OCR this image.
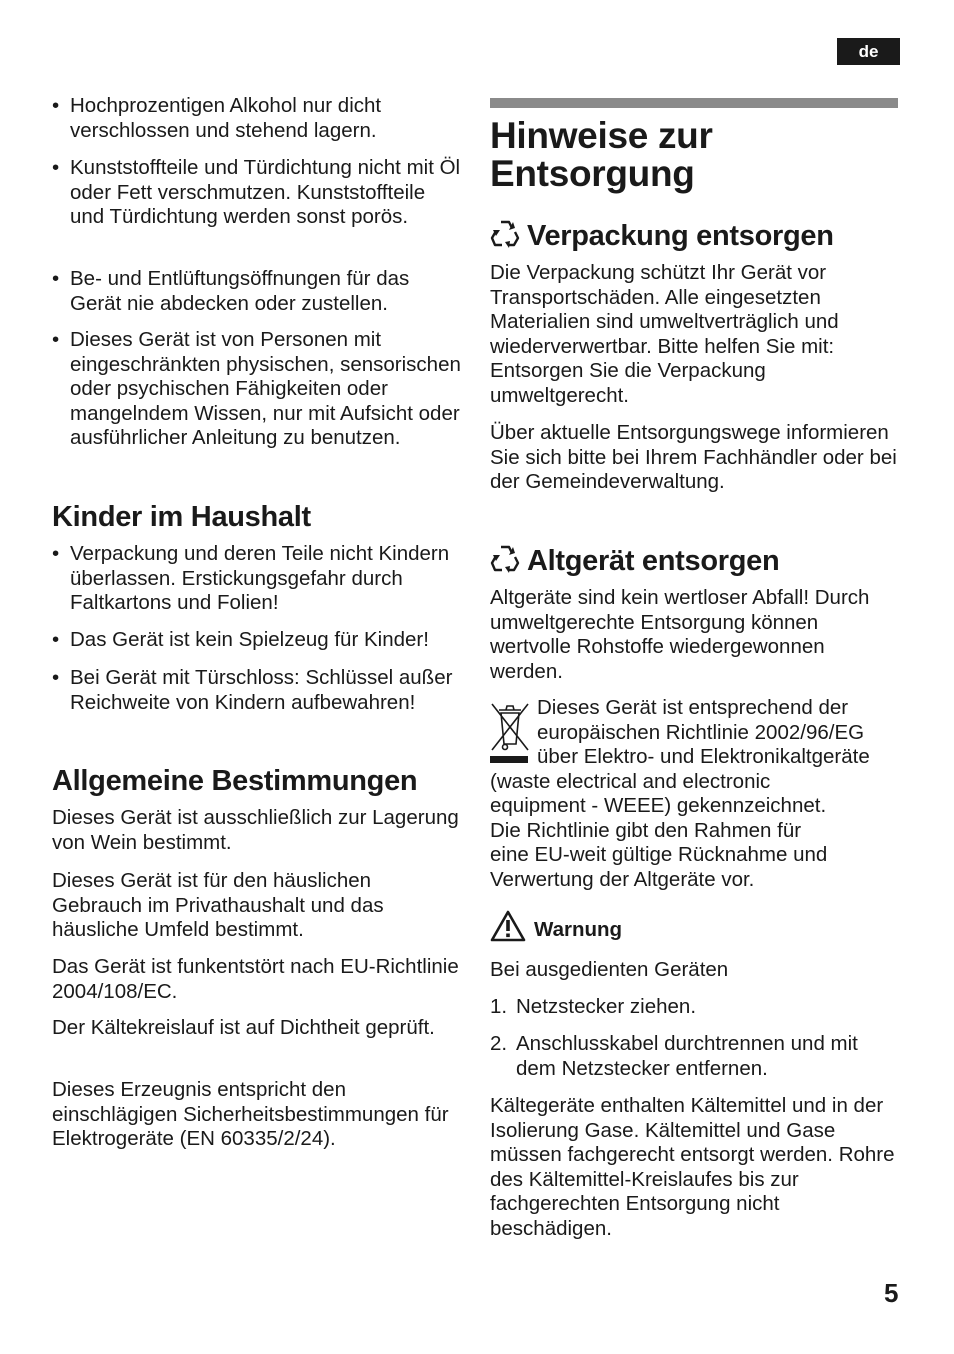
de
• Hochprozentigen Alkohol nur dicht verschlossen und stehend lagern.
• Kunststoffteile und Türdichtung nicht mit Öl oder Fett verschmutzen. Kunststoffteile und Türdichtung werden sonst porös.
• Be- und Entlüftungsöffnungen für das Gerät nie abdecken oder zustellen.
• Dieses Gerät ist von Personen mit eingeschränkten physischen, sensorischen oder psychischen Fähigkeiten oder mangelndem Wissen, nur mit Aufsicht oder ausführlicher Anleitung zu benutzen.
Kinder im Haushalt
• Verpackung und deren Teile nicht Kindern überlassen. Erstickungsgefahr durch Faltkartons und Folien!
• Das Gerät ist kein Spielzeug für Kinder!
• Bei Gerät mit Türschloss: Schlüssel außer Reichweite von Kindern aufbewahren!
Allgemeine Bestimmungen
Dieses Gerät ist ausschließlich zur Lagerung von Wein bestimmt.
Dieses Gerät ist für den häuslichen Gebrauch im Privathaushalt und das häusliche Umfeld bestimmt.
Das Gerät ist funkentstört nach EU-Richtlinie 2004/108/EC.
Der Kältekreislauf ist auf Dichtheit geprüft.
Dieses Erzeugnis entspricht den einschlägigen Sicherheitsbestimmungen für Elektrogeräte (EN 60335/2/24).
Hinweise zur Entsorgung
Verpackung entsorgen
Die Verpackung schützt Ihr Gerät vor Transportschäden. Alle eingesetzten Materialien sind umweltverträglich und wiederverwertbar. Bitte helfen Sie mit: Entsorgen Sie die Verpackung umweltgerecht.
Über aktuelle Entsorgungswege informieren Sie sich bitte bei Ihrem Fachhändler oder bei der Gemeindeverwaltung.
Altgerät entsorgen
Altgeräte sind kein wertloser Abfall! Durch umweltgerechte Entsorgung können wertvolle Rohstoffe wiedergewonnen werden.
Dieses Gerät ist entsprechend der
europäischen Richtlinie 2002/96/EG
über Elektro- und Elektronikaltgeräte
(waste electrical and electronic
equipment - WEEE) gekennzeichnet.
Die Richtlinie gibt den Rahmen für
eine EU-weit gültige Rücknahme und
Verwertung der Altgeräte vor.
Warnung
Bei ausgedienten Geräten
1. Netzstecker ziehen.
2. Anschlusskabel durchtrennen und mit dem Netzstecker entfernen.
Kältegeräte enthalten Kältemittel und in der Isolierung Gase. Kältemittel und Gase müssen fachgerecht entsorgt werden. Rohre des Kältemittel-Kreislaufes bis zur fachgerechten Entsorgung nicht beschädigen.
5
